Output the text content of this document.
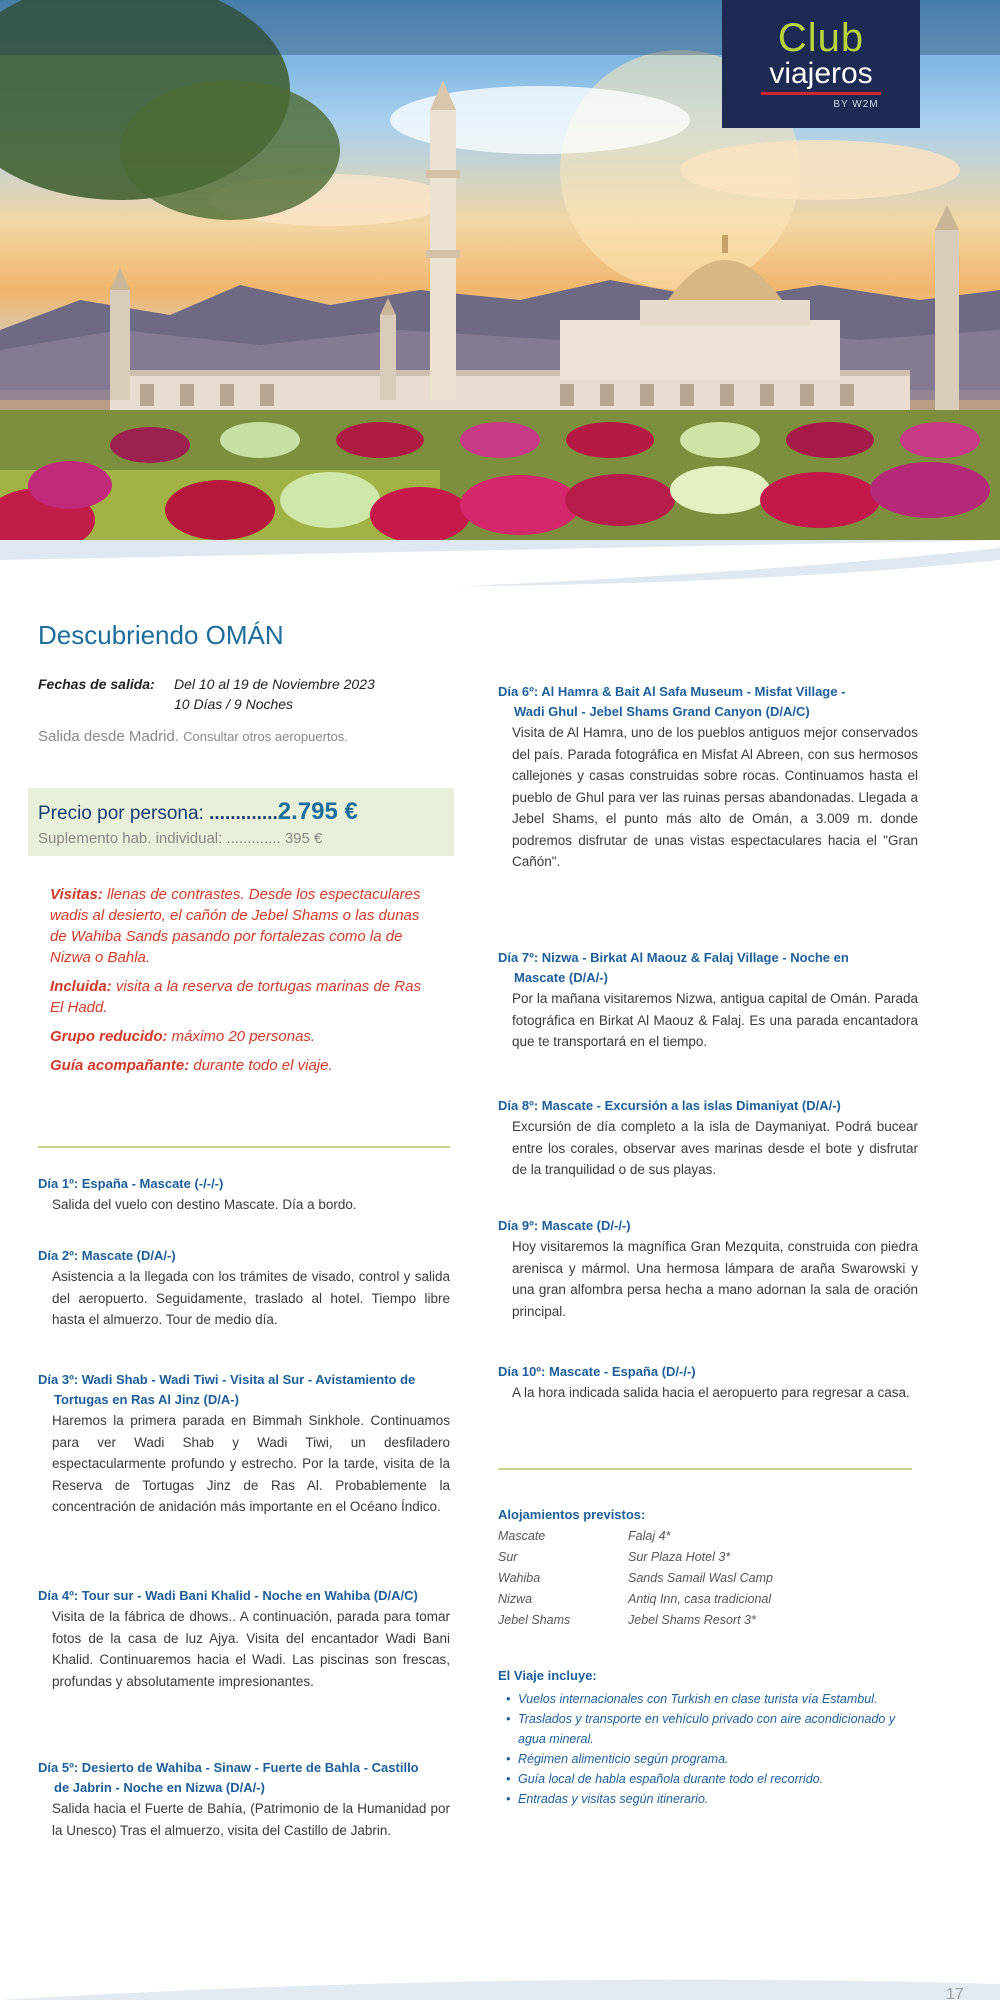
Club
viajeros
BY W2M
Descubriendo OMÁN
Fechas de salida: Del 10 al 19 de Noviembre 2023
10 Días / 9 Noches
Salida desde Madrid. Consultar otros aeropuertos.
Precio por persona: .............2.795 €
Suplemento hab. individual: ............. 395 €

Visitas: llenas de contrastes. Desde los espectaculares wadis al desierto, el cañón de Jebel Shams o las dunas de Wahiba Sands pasando por fortalezas como la de Nizwa o Bahla.

Incluida: visita a la reserva de tortugas marinas de Ras El Hadd.

Grupo reducido: máximo 20 personas.

Guía acompañante: durante todo el viaje.

Día 1º: España - Mascate (-/-/-)
Salida del vuelo con destino Mascate. Día a bordo.
Día 2º: Mascate (D/A/-)
Asistencia a la llegada con los trámites de visado, control y salida del aeropuerto. Seguidamente, traslado al hotel. Tiempo libre hasta el almuerzo. Tour de medio día.
Día 3º: Wadi Shab - Wadi Tiwi - Visita al Sur - Avistamiento de
Tortugas en Ras Al Jinz (D/A-)
Haremos la primera parada en Bimmah Sinkhole. Continuamos para ver Wadi Shab y Wadi Tiwi, un desfiladero espectacularmente profundo y estrecho. Por la tarde, visita de la Reserva de Tortugas Jinz de Ras Al. Probablemente la concentración de anidación más importante en el Océano Índico.
Día 4º: Tour sur - Wadi Bani Khalid - Noche en Wahiba (D/A/C)
Visita de la fábrica de dhows.. A continuación, parada para tomar fotos de la casa de luz Ajya. Visita del encantador Wadi Bani Khalid. Continuaremos hacia el Wadi. Las piscinas son frescas, profundas y absolutamente impresionantes.
Día 5º: Desierto de Wahiba - Sinaw - Fuerte de Bahla - Castillo
de Jabrin - Noche en Nizwa (D/A/-)
Salida hacia el Fuerte de Bahía, (Patrimonio de la Humanidad por la Unesco) Tras el almuerzo, visita del Castillo de Jabrin.
Día 6º: Al Hamra & Bait Al Safa Museum - Misfat Village -
Wadi Ghul - Jebel Shams Grand Canyon (D/A/C)
Visita de Al Hamra, uno de los pueblos antiguos mejor conservados del país. Parada fotográfica en Misfat Al Abreen, con sus hermosos callejones y casas construidas sobre rocas. Continuamos hasta el pueblo de Ghul para ver las ruinas persas abandonadas. Llegada a Jebel Shams, el punto más alto de Omán, a 3.009 m. donde podremos disfrutar de unas vistas espectaculares hacia el "Gran Cañón".
Día 7º: Nizwa - Birkat Al Maouz & Falaj Village - Noche en
Mascate (D/A/-)
Por la mañana visitaremos Nizwa, antigua capital de Omán. Parada fotográfica en Birkat Al Maouz & Falaj. Es una parada encantadora que te transportará en el tiempo.
Día 8º: Mascate - Excursión a las islas Dimaniyat (D/A/-)
Excursión de día completo a la isla de Daymaniyat. Podrá bucear entre los corales, observar aves marinas desde el bote y disfrutar de la tranquilidad o de sus playas.
Día 9º: Mascate (D/-/-)
Hoy visitaremos la magnífica Gran Mezquita, construida con piedra arenisca y mármol. Una hermosa lámpara de araña Swarowski y una gran alfombra persa hecha a mano adornan la sala de oración principal.
Día 10º: Mascate - España (D/-/-)
A la hora indicada salida hacia el aeropuerto para regresar a casa.
Alojamientos previstos:
Mascate	Falaj 4*
Sur	Sur Plaza Hotel 3*
Wahiba	Sands Samail Wasl Camp
Nizwa	Antiq Inn, casa tradicional
Jebel Shams	Jebel Shams Resort 3*
El Viaje incluye:
• Vuelos internacionales con Turkish en clase turista vía Estambul.
• Traslados y transporte en vehículo privado con aire acondicionado y agua mineral.
• Régimen alimenticio según programa.
• Guía local de habla española durante todo el recorrido.
• Entradas y visitas según itinerario.
17
